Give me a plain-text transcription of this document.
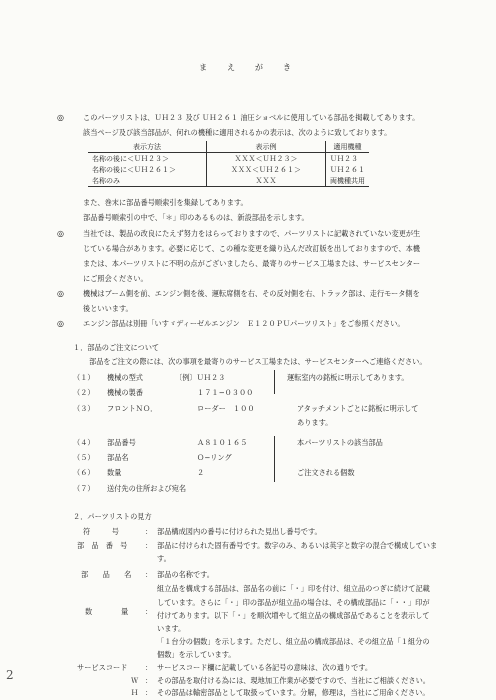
ま　え　が　き
◎	このパーツリストは、ＵＨ２３ 及び ＵＨ２６１ 油圧ショベルに使用している部品を掲載してあります。
該当ページ及び該当部品が、何れの機種に適用されるかの表示は、次のように致しております。
表示方法	表示例	適用機種
名称の後に＜ＵＨ２３＞	ＸＸＸ＜ＵＨ２３＞	ＵＨ２３
名称の後に＜ＵＨ２６１＞	ＸＸＸ＜ＵＨ２６１＞	ＵＨ２６１
名称のみ	ＸＸＸ	両機種共用
また、巻末に部品番号順索引を集録してあります。
部品番号順索引の中で、「＊」印のあるものは、新設部品を示します。
◎	当社では、製品の改良にたえず努力をはらっておりますので、パーツリストに記載されていない変更が生
じている場合があります。必要に応じて、この種な変更を織り込んだ改訂版を出しておりますので、本機
または、本パーツリストに不明の点がございましたら、最寄りのサービス工場または、サービスセンター
にご照会ください。
◎	機械はブーム側を前、エンジン側を後、運転席側を右、その反対側を右、トラック部は、走行モータ側を
後といいます。
◎	エンジン部品は別冊「いすゞディーゼルエンジン　Ｅ１２０ＰＵパーツリスト」をご参照ください。
１．部品のご注文について
部品をご注文の際には、次の事項を最寄りのサービス工場または、サービスセンターへご連絡ください。
（１） 機械の型式	〔例〕ＵＨ２３	運転室内の銘板に明示してあります。
（２） 機械の製番	１７１−０３００
（３） フロントＮＯ．	ローダー　１００	アタッチメントごとに銘板に明示して
あります。
（４） 部品番号	Ａ８１０１６５	本パーツリストの該当部品
（５） 部品名	Ｏ−リング
（６） 数量	２	ご注文される個数
（７） 送付先の住所および宛名
２．パーツリストの見方
符　　　号	： 部品構成図内の番号に付けられた見出し番号です。
部　品　番　号 ： 部品に付けられた固有番号です。数字のみ、あるいは英字と数字の混合で構成していま
す。
部　　品　　名 ： 部品の名称です。
組立品を構成する部品は、部品名の前に「・」印を付け、組立品のつぎに続けて記載
しています。さらに「・」印の部品が組立品の場合は、その構成部品に「・・」印が
付けてあります。以下「・」を順次増やして組立品の構成部品であることを表示して
います。
数　　　　量 ：
「１台分の個数」を示します。ただし、組立品の構成部品は、その組立品「１組分の
個数」を示しています。
サービスコード ： サービスコード欄に記載している各記号の意味は、次の通りです。
Ｗ ： その部品を取付ける為には、現地加工作業が必要ですので、当社にご相談ください。
Ｈ ： その部品は輸密部品として取扱っています。分解，修理は，当社にご用命ください。
2
